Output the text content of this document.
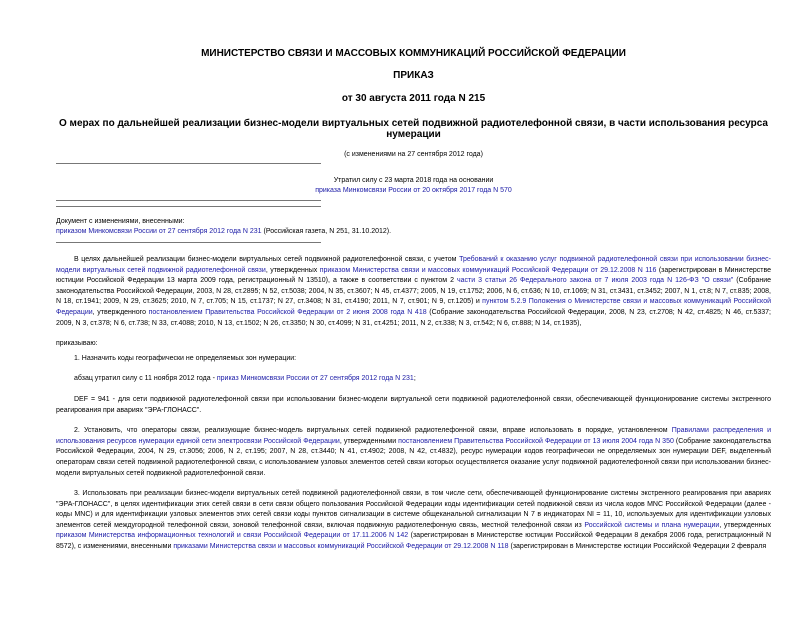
МИНИСТЕРСТВО СВЯЗИ И МАССОВЫХ КОММУНИКАЦИЙ РОССИЙСКОЙ ФЕДЕРАЦИИ
ПРИКАЗ
от 30 августа 2011 года N 215
О мерах по дальнейшей реализации бизнес-модели виртуальных сетей подвижной радиотелефонной связи, в части использования ресурса нумерации
(с изменениями на 27 сентября 2012 года)
Утратил силу с 23 марта 2018 года на основании
приказа Минкомсвязи России от 20 октября 2017 года N 570
Документ с изменениями, внесенными:
приказом Минкомсвязи России от 27 сентября 2012 года N 231 (Российская газета, N 251, 31.10.2012).
В целях дальнейшей реализации бизнес-модели виртуальных сетей подвижной радиотелефонной связи, с учетом Требований к оказанию услуг подвижной радиотелефонной связи при использовании бизнес-модели виртуальных сетей подвижной радиотелефонной связи, утвержденных приказом Министерства связи и массовых коммуникаций Российской Федерации от 29.12.2008 N 116 (зарегистрирован в Министерстве юстиции Российской Федерации 13 марта 2009 года, регистрационный N 13510), а также в соответствии с пунктом 2 части 3 статьи 26 Федерального закона от 7 июля 2003 года N 126-ФЗ "О связи" (Собрание законодательства Российской Федерации, 2003, N 28, ст.2895; N 52, ст.5038; 2004, N 35, ст.3607; N 45, ст.4377; 2005, N 19, ст.1752; 2006, N 6, ст.636; N 10, ст.1069; N 31, ст.3431, ст.3452; 2007, N 1, ст.8; N 7, ст.835; 2008, N 18, ст.1941; 2009, N 29, ст.3625; 2010, N 7, ст.705; N 15, ст.1737; N 27, ст.3408; N 31, ст.4190; 2011, N 7, ст.901; N 9, ст.1205) и пунктом 5.2.9 Положения о Министерстве связи и массовых коммуникаций Российской Федерации, утвержденного постановлением Правительства Российской Федерации от 2 июня 2008 года N 418 (Собрание законодательства Российской Федерации, 2008, N 23, ст.2708; N 42, ст.4825; N 46, ст.5337; 2009, N 3, ст.378; N 6, ст.738; N 33, ст.4088; 2010, N 13, ст.1502; N 26, ст.3350; N 30, ст.4099; N 31, ст.4251; 2011, N 2, ст.338; N 3, ст.542; N 6, ст.888; N 14, ст.1935),
приказываю:
1. Назначить коды географически не определяемых зон нумерации:
абзац утратил силу с 11 ноября 2012 года - приказ Минкомсвязи России от 27 сентября 2012 года N 231;
DEF = 941 - для сети подвижной радиотелефонной связи при использовании бизнес-модели виртуальной сети подвижной радиотелефонной связи, обеспечивающей функционирование системы экстренного реагирования при авариях "ЭРА-ГЛОНАСС".
2. Установить, что операторы связи, реализующие бизнес-модель виртуальных сетей подвижной радиотелефонной связи, вправе использовать в порядке, установленном Правилами распределения и использования ресурсов нумерации единой сети электросвязи Российской Федерации, утвержденными постановлением Правительства Российской Федерации от 13 июля 2004 года N 350 (Собрание законодательства Российской Федерации, 2004, N 29, ст.3056; 2006, N 2, ст.195; 2007, N 28, ст.3440; N 41, ст.4902; 2008, N 42, ст.4832), ресурс нумерации кодов географически не определяемых зон нумерации DEF, выделенный операторам связи сетей подвижной радиотелефонной связи, с использованием узловых элементов сетей связи которых осуществляется оказание услуг подвижной радиотелефонной связи при использовании бизнес-модели виртуальных сетей подвижной радиотелефонной связи.
3. Использовать при реализации бизнес-модели виртуальных сетей подвижной радиотелефонной связи, в том числе сети, обеспечивающей функционирование системы экстренного реагирования при авариях "ЭРА-ГЛОНАСС", в целях идентификации этих сетей связи в сети связи общего пользования Российской Федерации коды идентификации сетей подвижной связи из числа кодов MNC Российской Федерации (далее - коды MNC) и для идентификации узловых элементов этих сетей связи коды пунктов сигнализации в системе общеканальной сигнализации N 7 в индикаторах NI = 11, 10, используемых для идентификации узловых элементов сетей междугородной телефонной связи, зоновой телефонной связи, включая подвижную радиотелефонную связь, местной телефонной связи из Российской системы и плана нумерации, утвержденных приказом Министерства информационных технологий и связи Российской Федерации от 17.11.2006 N 142 (зарегистрирован в Министерстве юстиции Российской Федерации 8 декабря 2006 года, регистрационный N 8572), с изменениями, внесенными приказами Министерства связи и массовых коммуникаций Российской Федерации от 29.12.2008 N 118 (зарегистрирован в Министерстве юстиции Российской Федерации 2 февраля
